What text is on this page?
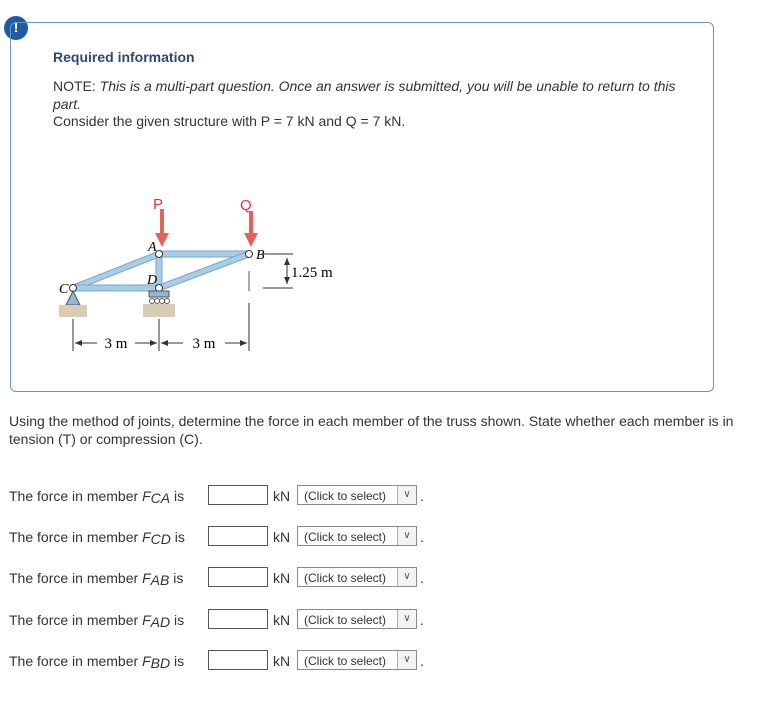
!
Required information
NOTE: This is a multi-part question. Once an answer is submitted, you will be unable to return to this part.
Consider the given structure with P = 7 kN and Q = 7 kN.
P	Q
A
B
C
D	1.25 m
3 m	3 m
Using the method of joints, determine the force in each member of the truss shown. State whether each member is in tension (T) or compression (C).
The force in member $F_{CA}$ is	kN (Click to select)	∨ .
The force in member $F_{CD}$ is	kN (Click to select)	∨ .
The force in member $F_{AB}$ is	kN (Click to select)	∨ .
The force in member $F_{AD}$ is	kN (Click to select)	∨ .
The force in member $F_{BD}$ is	kN (Click to select)	∨ .
